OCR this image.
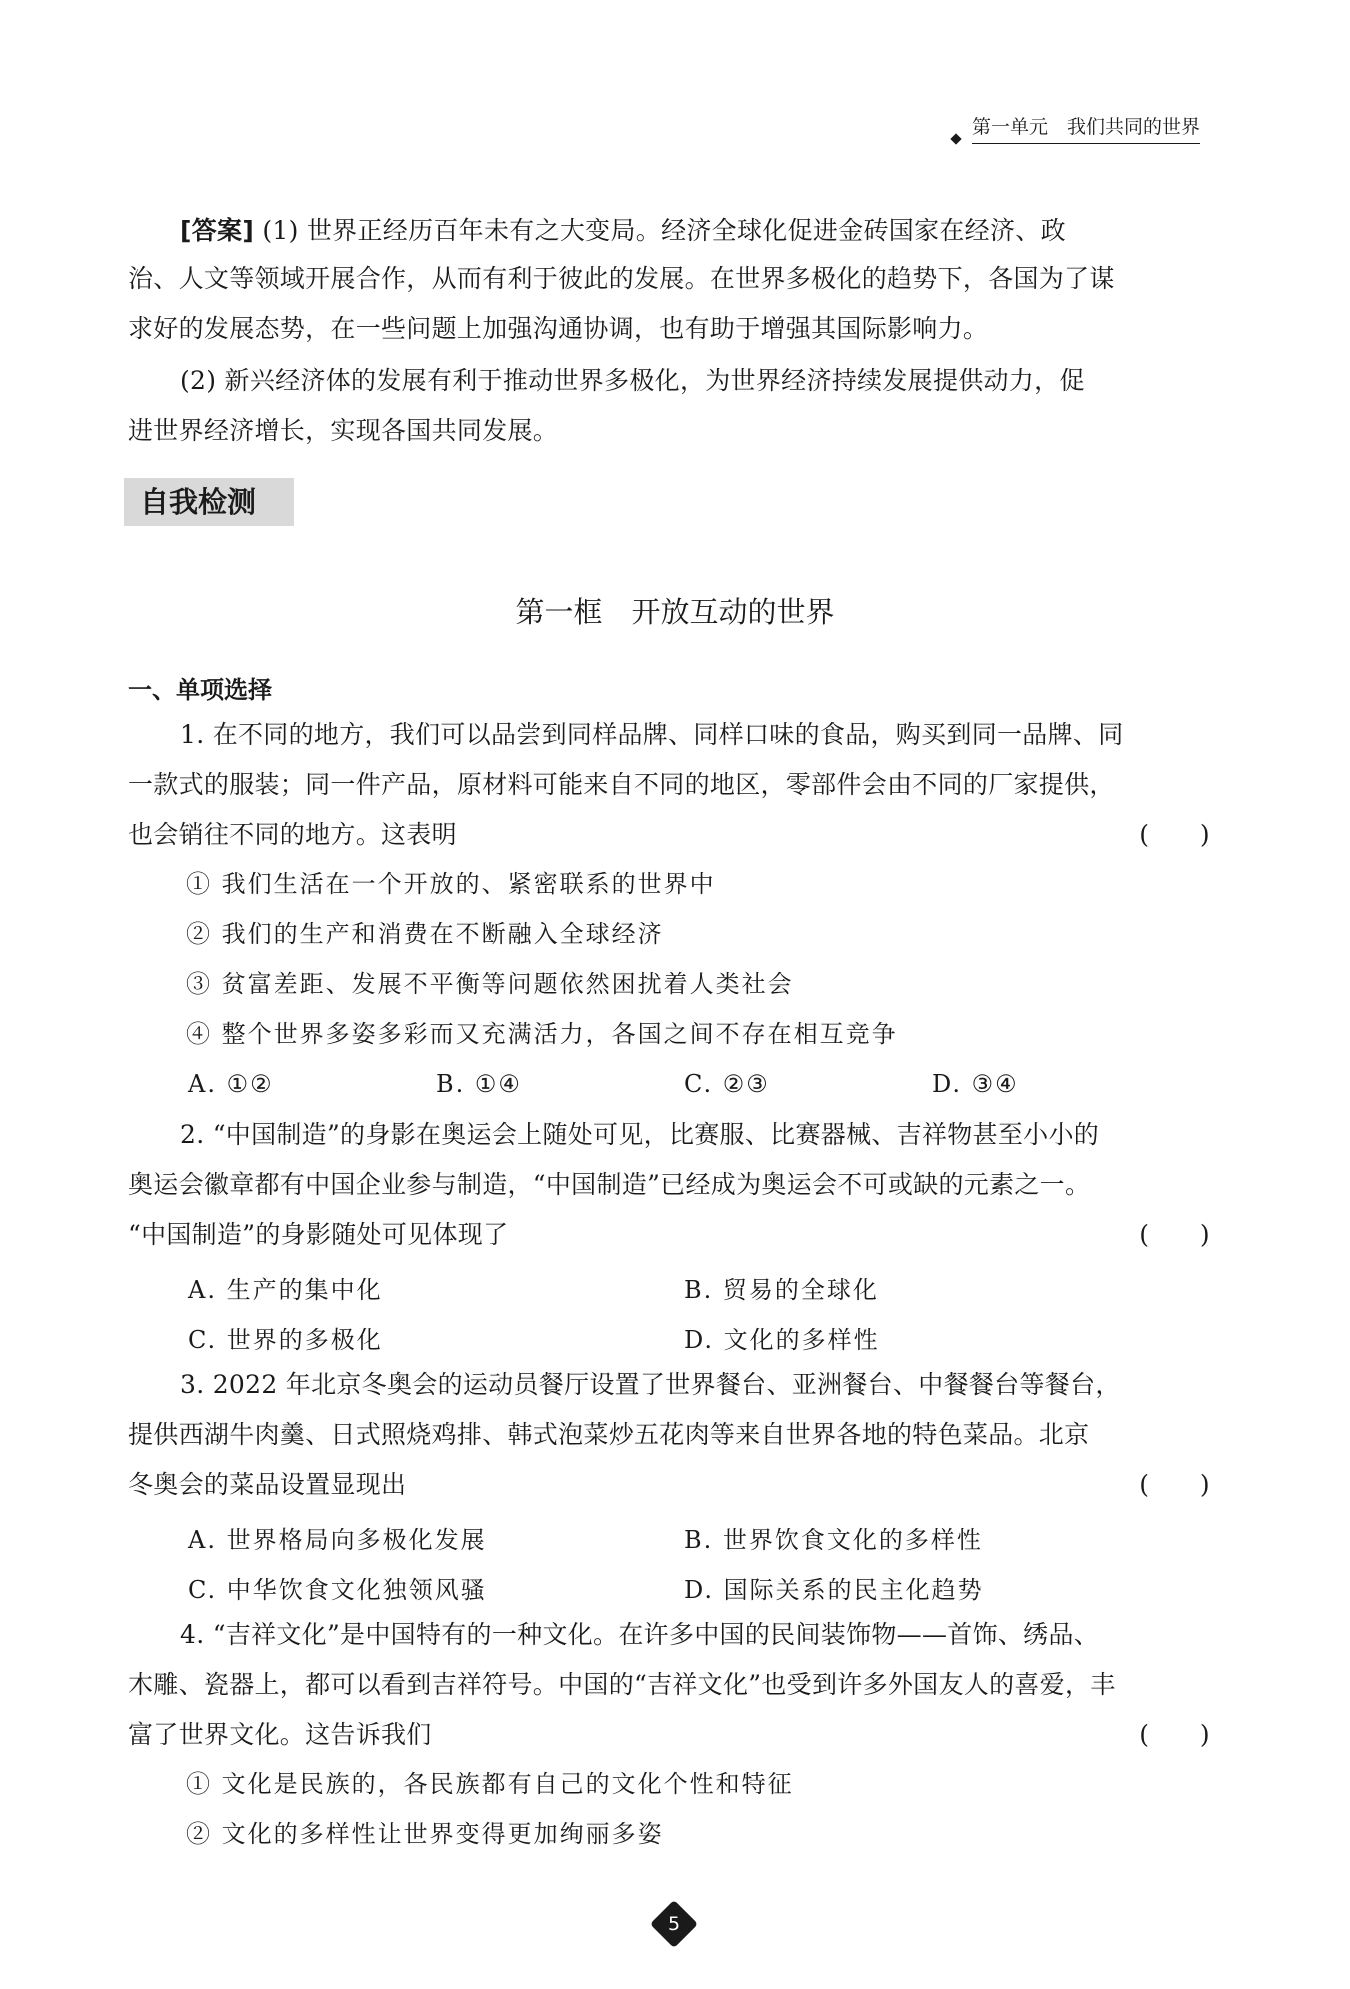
第一单元　我们共同的世界
[答案] (1) 世界正经历百年未有之大变局。经济全球化促进金砖国家在经济、政
治、人文等领域开展合作，从而有利于彼此的发展。在世界多极化的趋势下，各国为了谋
求好的发展态势，在一些问题上加强沟通协调，也有助于增强其国际影响力。
(2) 新兴经济体的发展有利于推动世界多极化，为世界经济持续发展提供动力，促
进世界经济增长，实现各国共同发展。
自我检测
第一框　开放互动的世界
一、单项选择
1. 在不同的地方，我们可以品尝到同样品牌、同样口味的食品，购买到同一品牌、同
一款式的服装；同一件产品，原材料可能来自不同的地区，零部件会由不同的厂家提供，
也会销往不同的地方。这表明	(　　)
① 我们生活在一个开放的、紧密联系的世界中
② 我们的生产和消费在不断融入全球经济
③ 贫富差距、发展不平衡等问题依然困扰着人类社会
④ 整个世界多姿多彩而又充满活力，各国之间不存在相互竞争
A. ①②	B. ①④	C. ②③	D. ③④
2. “中国制造”的身影在奥运会上随处可见，比赛服、比赛器械、吉祥物甚至小小的
奥运会徽章都有中国企业参与制造，“中国制造”已经成为奥运会不可或缺的元素之一。
“中国制造”的身影随处可见体现了	(　　)
A. 生产的集中化	B. 贸易的全球化
C. 世界的多极化	D. 文化的多样性
3. 2022 年北京冬奥会的运动员餐厅设置了世界餐台、亚洲餐台、中餐餐台等餐台，
提供西湖牛肉羹、日式照烧鸡排、韩式泡菜炒五花肉等来自世界各地的特色菜品。北京
冬奥会的菜品设置显现出	(　　)
A. 世界格局向多极化发展	B. 世界饮食文化的多样性
C. 中华饮食文化独领风骚	D. 国际关系的民主化趋势
4. “吉祥文化”是中国特有的一种文化。在许多中国的民间装饰物——首饰、绣品、
木雕、瓷器上，都可以看到吉祥符号。中国的“吉祥文化”也受到许多外国友人的喜爱，丰
富了世界文化。这告诉我们	(　　)
① 文化是民族的，各民族都有自己的文化个性和特征
② 文化的多样性让世界变得更加绚丽多姿
5
